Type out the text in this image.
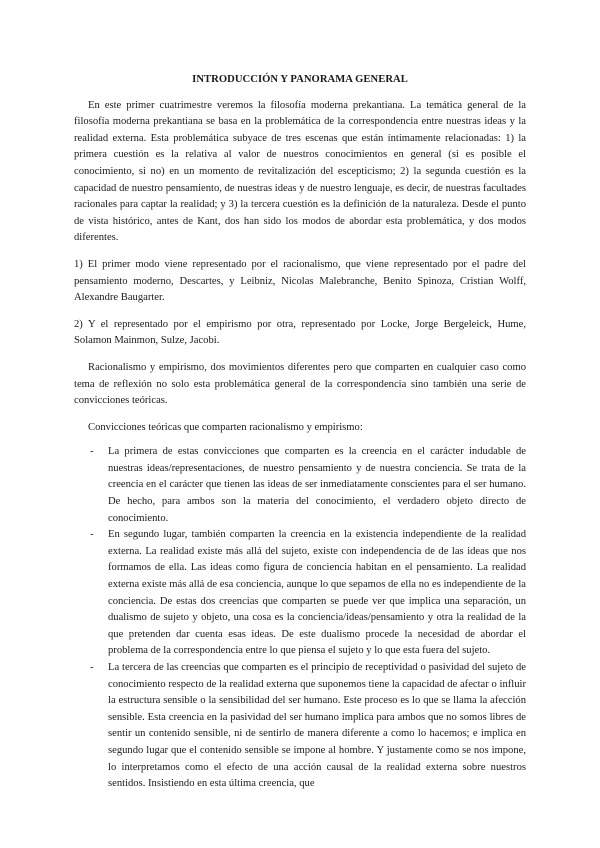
INTRODUCCIÓN Y PANORAMA GENERAL

En este primer cuatrimestre veremos la filosofía moderna prekantiana. La temática general de la filosofía moderna prekantiana se basa en la problemática de la correspondencia entre nuestras ideas y la realidad externa. Esta problemática subyace de tres escenas que están íntimamente relacionadas: 1) la primera cuestión es la relativa al valor de nuestros conocimientos en general (si es posible el conocimiento, si no) en un momento de revitalización del escepticismo; 2) la segunda cuestión es la capacidad de nuestro pensamiento, de nuestras ideas y de nuestro lenguaje, es decir, de nuestras facultades racionales para captar la realidad; y 3) la tercera cuestión es la definición de la naturaleza. Desde el punto de vista histórico, antes de Kant, dos han sido los modos de abordar esta problemática, y dos modos diferentes.

1) El primer modo viene representado por el racionalismo, que viene representado por el padre del pensamiento moderno, Descartes, y Leibniz, Nicolas Malebranche, Benito Spinoza, Cristian Wolff, Alexandre Baugarter.

2) Y el representado por el empirismo por otra, representado por Locke, Jorge Bergeleick, Hume, Solamon Mainmon, Sulze, Jacobi.

Racionalismo y empirismo, dos movimientos diferentes pero que comparten en cualquier caso como tema de reflexión no solo esta problemática general de la correspondencia sino también una serie de convicciones teóricas.

Convicciones teóricas que comparten racionalismo y empirismo:

- La primera de estas convicciones que comparten es la creencia en el carácter indudable de nuestras ideas/representaciones, de nuestro pensamiento y de nuestra conciencia. Se trata de la creencia en el carácter que tienen las ideas de ser inmediatamente conscientes para el ser humano. De hecho, para ambos son la materia del conocimiento, el verdadero objeto directo de conocimiento.
- En segundo lugar, también comparten la creencia en la existencia independiente de la realidad externa. La realidad existe más allá del sujeto, existe con independencia de de las ideas que nos formamos de ella. Las ideas como figura de conciencia habitan en el pensamiento. La realidad externa existe más allá de esa conciencia, aunque lo que sepamos de ella no es independiente de la conciencia. De estas dos creencias que comparten se puede ver que implica una separación, un dualismo de sujeto y objeto, una cosa es la conciencia/ideas/pensamiento y otra la realidad de la que pretenden dar cuenta esas ideas. De este dualismo procede la necesidad de abordar el problema de la correspondencia entre lo que piensa el sujeto y lo que esta fuera del sujeto.
- La tercera de las creencias que comparten es el principio de receptividad o pasividad del sujeto de conocimiento respecto de la realidad externa que suponemos tiene la capacidad de afectar o influir la estructura sensible o la sensibilidad del ser humano. Este proceso es lo que se llama la afección sensible. Esta creencia en la pasividad del ser humano implica para ambos que no somos libres de sentir un contenido sensible, ni de sentirlo de manera diferente a como lo hacemos; e implica en segundo lugar que el contenido sensible se impone al hombre. Y justamente como se nos impone, lo interpretamos como el efecto de una acción causal de la realidad externa sobre nuestros sentidos. Insistiendo en esta última creencia, que
